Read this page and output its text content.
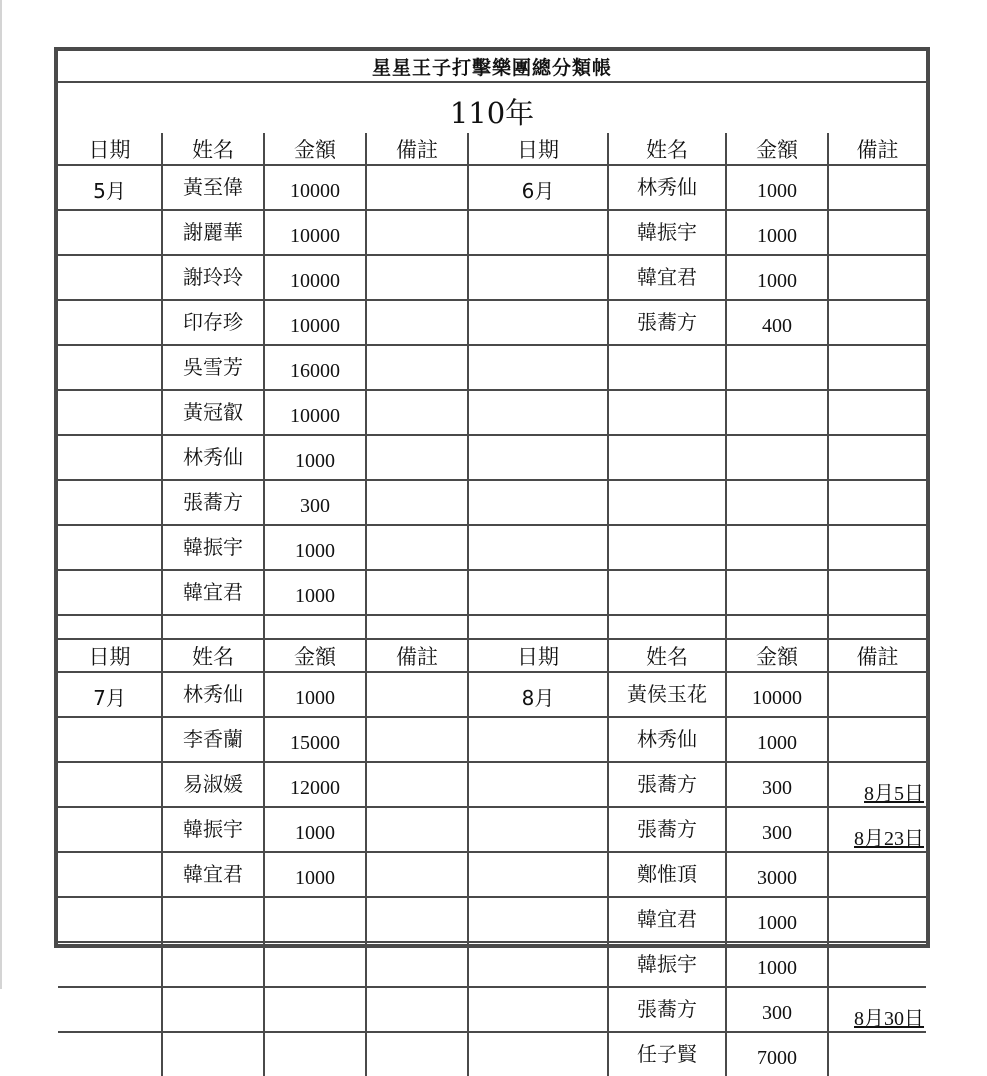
星星王子打擊樂團總分類帳							
110年							
日期	姓名	金額	備註	日期	姓名	金額	備註
5月	黃至偉	10000		6月	林秀仙	1000	
	謝麗華	10000			韓振宇	1000	
	謝玲玲	10000			韓宜君	1000	
	印存珍	10000			張蕎方	400	
	吳雪芳	16000					
	黃冠叡	10000					
	林秀仙	1000					
	張蕎方	300					
	韓振宇	1000					
	韓宜君	1000					

日期	姓名	金額	備註	日期	姓名	金額	備註
7月	林秀仙	1000		8月	黃侯玉花	10000	
	李香蘭	15000			林秀仙	1000	
	易淑媛	12000			張蕎方	300	8月5日
	韓振宇	1000			張蕎方	300	8月23日
	韓宜君	1000			鄭惟頂	3000	
					韓宜君	1000	
					韓振宇	1000	
					張蕎方	300	8月30日
					任子賢	7000	
